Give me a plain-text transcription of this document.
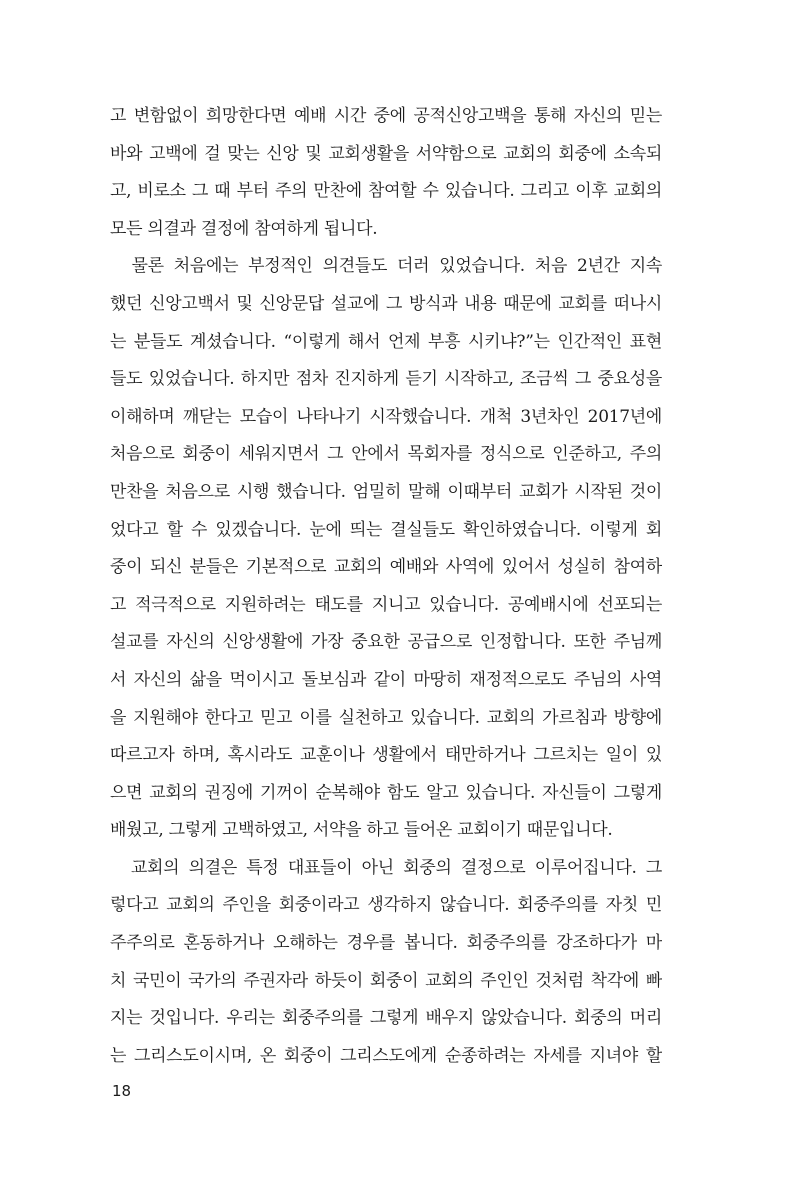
고 변함없이 희망한다면 예배 시간 중에 공적신앙고백을 통해 자신의 믿는
바와 고백에 걸 맞는 신앙 및 교회생활을 서약함으로 교회의 회중에 소속되
고, 비로소 그 때 부터 주의 만찬에 참여할 수 있습니다. 그리고 이후 교회의
모든 의결과 결정에 참여하게 됩니다.
　물론 처음에는 부정적인 의견들도 더러 있었습니다. 처음 2년간 지속
했던 신앙고백서 및 신앙문답 설교에 그 방식과 내용 때문에 교회를 떠나시
는 분들도 계셨습니다. “이렇게 해서 언제 부흥 시키냐?”는 인간적인 표현
들도 있었습니다. 하지만 점차 진지하게 듣기 시작하고, 조금씩 그 중요성을
이해하며 깨닫는 모습이 나타나기 시작했습니다. 개척 3년차인 2017년에
처음으로 회중이 세워지면서 그 안에서 목회자를 정식으로 인준하고, 주의
만찬을 처음으로 시행 했습니다. 엄밀히 말해 이때부터 교회가 시작된 것이
었다고 할 수 있겠습니다. 눈에 띄는 결실들도 확인하였습니다. 이렇게 회
중이 되신 분들은 기본적으로 교회의 예배와 사역에 있어서 성실히 참여하
고 적극적으로 지원하려는 태도를 지니고 있습니다. 공예배시에 선포되는
설교를 자신의 신앙생활에 가장 중요한 공급으로 인정합니다. 또한 주님께
서 자신의 삶을 먹이시고 돌보심과 같이 마땅히 재정적으로도 주님의 사역
을 지원해야 한다고 믿고 이를 실천하고 있습니다. 교회의 가르침과 방향에
따르고자 하며, 혹시라도 교훈이나 생활에서 태만하거나 그르치는 일이 있
으면 교회의 권징에 기꺼이 순복해야 함도 알고 있습니다. 자신들이 그렇게
배웠고, 그렇게 고백하였고, 서약을 하고 들어온 교회이기 때문입니다.
　교회의 의결은 특정 대표들이 아닌 회중의 결정으로 이루어집니다. 그
렇다고 교회의 주인을 회중이라고 생각하지 않습니다. 회중주의를 자칫 민
주주의로 혼동하거나 오해하는 경우를 봅니다. 회중주의를 강조하다가 마
치 국민이 국가의 주권자라 하듯이 회중이 교회의 주인인 것처럼 착각에 빠
지는 것입니다. 우리는 회중주의를 그렇게 배우지 않았습니다. 회중의 머리
는 그리스도이시며, 온 회중이 그리스도에게 순종하려는 자세를 지녀야 할
18
